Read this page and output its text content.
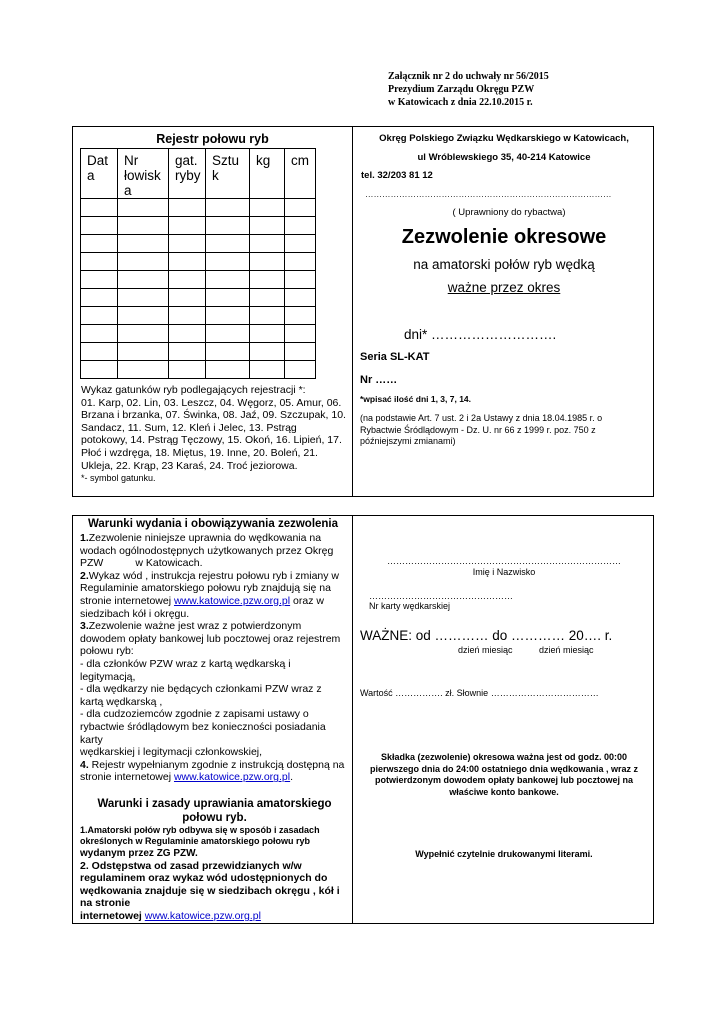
Załącznik nr 2 do uchwały nr 56/2015
Prezydium Zarządu Okręgu PZW
w Katowicach z dnia 22.10.2015 r.
Rejestr połowu ryb
Dat a	Nr łowisk a	gat. ryby	Sztu k	kg	cm

Wykaz gatunków ryb podlegających rejestracji *:
01. Karp, 02. Lin, 03. Leszcz, 04. Węgorz, 05. Amur, 06. Brzana i brzanka, 07. Świnka, 08. Jaź, 09. Szczupak, 10. Sandacz, 11. Sum, 12. Kleń i Jelec, 13. Pstrąg potokowy, 14. Pstrąg Tęczowy, 15. Okoń, 16. Lipień, 17. Płoć i wzdręga, 18. Miętus, 19. Inne, 20. Boleń, 21. Ukleja, 22. Krąp, 23 Karaś, 24. Troć jeziorowa.
*- symbol gatunku.
Okręg Polskiego Związku Wędkarskiego w Katowicach,
ul Wróblewskiego 35, 40-214 Katowice
tel. 32/203 81 12
……………………………………………………………………………
( Uprawniony do rybactwa)
Zezwolenie okresowe
na amatorski połów ryb wędką
ważne przez okres
dni* ……………………….
Seria SL-KAT
Nr ……
*wpisać ilość dni 1, 3, 7, 14.
(na podstawie Art. 7 ust. 2 i 2a Ustawy z dnia 18.04.1985 r. o Rybactwie Śródlądowym - Dz. U. nr 66 z 1999 r. poz. 750 z późniejszymi zmianami)
Warunki wydania i obowiązywania zezwolenia
1.Zezwolenie niniejsze uprawnia do wędkowania na wodach ogólnodostępnych użytkowanych przez Okręg PZW           w Katowicach.
2.Wykaz wód , instrukcja rejestru połowu ryb i zmiany w Regulaminie amatorskiego połowu ryb znajdują się na stronie internetowej www.katowice.pzw.org.pl oraz w siedzibach kół i okręgu.
3.Zezwolenie ważne jest wraz z potwierdzonym dowodem opłaty bankowej lub pocztowej oraz rejestrem połowu ryb:
- dla członków PZW wraz z kartą wędkarską i legitymacją,
- dla wędkarzy nie będących członkami PZW wraz z kartą wędkarską ,
- dla cudzoziemców zgodnie z zapisami ustawy o rybactwie śródlądowym bez konieczności posiadania karty
wędkarskiej i legitymacji członkowskiej,
4. Rejestr wypełnianym zgodnie z instrukcją dostępną na stronie internetowej www.katowice.pzw.org.pl.
Warunki i zasady uprawiania amatorskiego połowu ryb.
1.Amatorski połów ryb odbywa się w sposób i zasadach określonych w Regulaminie amatorskiego połowu ryb
wydanym przez ZG PZW.
2. Odstępstwa od zasad przewidzianych w/w regulaminem oraz wykaz wód udostępnionych do wędkowania znajduje się w siedzibach okręgu , kół i na stronie
internetowej www.katowice.pzw.org.pl
……………………………………………………………………
Imię i Nazwisko
…………………………………………
Nr karty wędkarskiej
WAŻNE: od ………… do ………… 20…. r.
dzień miesiąc	dzień miesiąc
Wartość ……………. zł. Słownie ………………………………
Składka (zezwolenie) okresowa ważna jest od godz. 00:00 pierwszego dnia do 24:00 ostatniego dnia wędkowania , wraz z potwierdzonym dowodem opłaty bankowej lub pocztowej na właściwe konto bankowe.
Wypełnić czytelnie drukowanymi literami.
